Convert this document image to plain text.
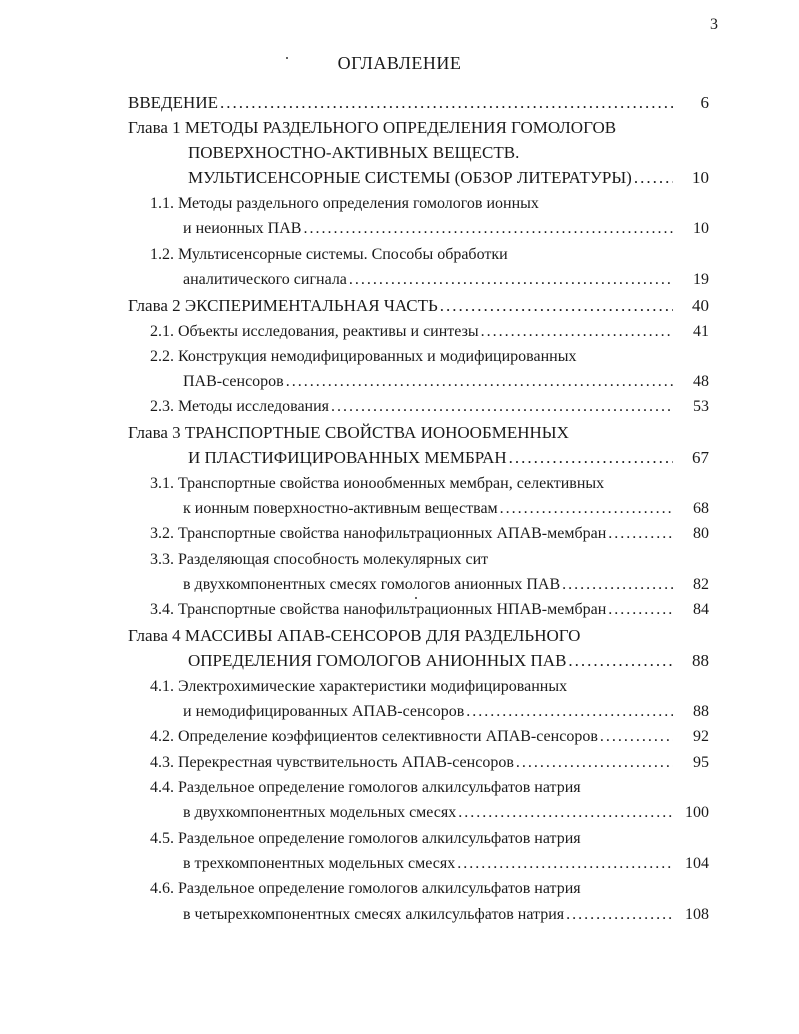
3
ОГЛАВЛЕНИЕ
ВВЕДЕНИЕ .....	6
Глава 1 МЕТОДЫ РАЗДЕЛЬНОГО ОПРЕДЕЛЕНИЯ ГОМОЛОГОВ
ПОВЕРХНОСТНО-АКТИВНЫХ ВЕЩЕСТВ.
МУЛЬТИСЕНСОРНЫЕ СИСТЕМЫ (ОБЗОР ЛИТЕРАТУРЫ) .....	10
1.1. Методы раздельного определения гомологов ионных
и неионных ПАВ .....	10
1.2. Мультисенсорные системы. Способы обработки
аналитического сигнала .....	19
Глава 2 ЭКСПЕРИМЕНТАЛЬНАЯ ЧАСТЬ .....	40
2.1. Объекты исследования, реактивы и синтезы .....	41
2.2. Конструкция немодифицированных и модифицированных
ПАВ-сенсоров .....	48
2.3. Методы исследования .....	53
Глава 3 ТРАНСПОРТНЫЕ СВОЙСТВА ИОНООБМЕННЫХ
И ПЛАСТИФИЦИРОВАННЫХ МЕМБРАН .....	67
3.1. Транспортные свойства ионообменных мембран, селективных
к ионным поверхностно-активным веществам .....	68
3.2. Транспортные свойства нанофильтрационных АПАВ-мембран .....	80
3.3. Разделяющая способность молекулярных сит
в двухкомпонентных смесях гомологов анионных ПАВ .....	82
3.4. Транспортные свойства нанофильтрационных НПАВ-мембран .....	84
Глава 4 МАССИВЫ АПАВ-СЕНСОРОВ ДЛЯ РАЗДЕЛЬНОГО
ОПРЕДЕЛЕНИЯ ГОМОЛОГОВ АНИОННЫХ ПАВ .....	88
4.1. Электрохимические характеристики модифицированных
и немодифицированных АПАВ-сенсоров .....	88
4.2. Определение коэффициентов селективности АПАВ-сенсоров .....	92
4.3. Перекрестная чувствительность АПАВ-сенсоров .....	95
4.4. Раздельное определение гомологов алкилсульфатов натрия
в двухкомпонентных модельных смесях .....	100
4.5. Раздельное определение гомологов алкилсульфатов натрия
в трехкомпонентных модельных смесях .....	104
4.6. Раздельное определение гомологов алкилсульфатов натрия
в четырехкомпонентных смесях алкилсульфатов натрия .....	108
